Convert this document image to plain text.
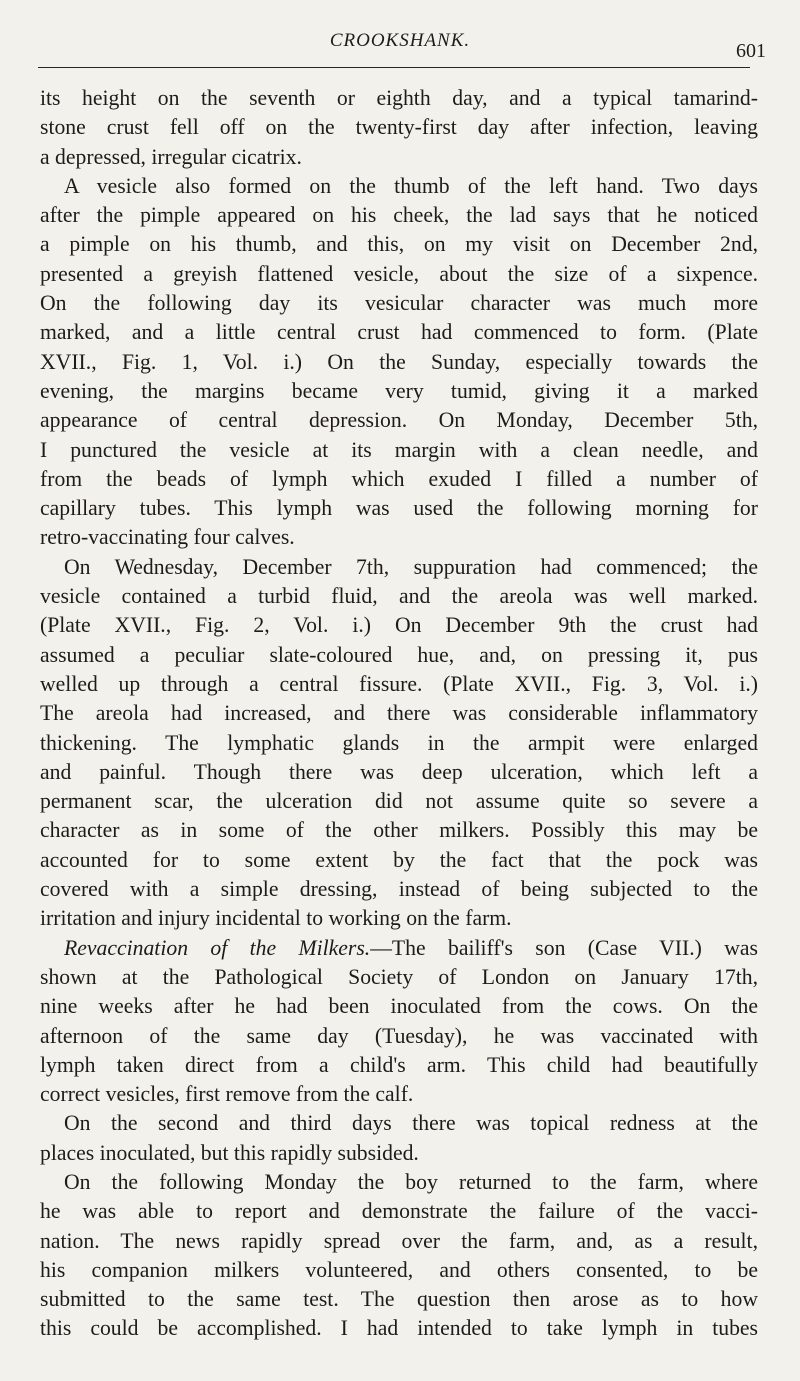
CROOKSHANK.	601
its height on the seventh or eighth day, and a typical tamarind-
stone crust fell off on the twenty-first day after infection, leaving
a depressed, irregular cicatrix.
A vesicle also formed on the thumb of the left hand. Two days
after the pimple appeared on his cheek, the lad says that he noticed
a pimple on his thumb, and this, on my visit on December 2nd,
presented a greyish flattened vesicle, about the size of a sixpence.
On the following day its vesicular character was much more
marked, and a little central crust had commenced to form. (Plate
XVII., Fig. 1, Vol. i.) On the Sunday, especially towards the
evening, the margins became very tumid, giving it a marked
appearance of central depression. On Monday, December 5th,
I punctured the vesicle at its margin with a clean needle, and
from the beads of lymph which exuded I filled a number of
capillary tubes. This lymph was used the following morning for
retro-vaccinating four calves.
On Wednesday, December 7th, suppuration had commenced; the
vesicle contained a turbid fluid, and the areola was well marked.
(Plate XVII., Fig. 2, Vol. i.) On December 9th the crust had
assumed a peculiar slate-coloured hue, and, on pressing it, pus
welled up through a central fissure. (Plate XVII., Fig. 3, Vol. i.)
The areola had increased, and there was considerable inflammatory
thickening. The lymphatic glands in the armpit were enlarged
and painful. Though there was deep ulceration, which left a
permanent scar, the ulceration did not assume quite so severe a
character as in some of the other milkers. Possibly this may be
accounted for to some extent by the fact that the pock was
covered with a simple dressing, instead of being subjected to the
irritation and injury incidental to working on the farm.
Revaccination of the Milkers.—The bailiff's son (Case VII.) was
shown at the Pathological Society of London on January 17th,
nine weeks after he had been inoculated from the cows. On the
afternoon of the same day (Tuesday), he was vaccinated with
lymph taken direct from a child's arm. This child had beautifully
correct vesicles, first remove from the calf.
On the second and third days there was topical redness at the
places inoculated, but this rapidly subsided.
On the following Monday the boy returned to the farm, where
he was able to report and demonstrate the failure of the vacci-
nation. The news rapidly spread over the farm, and, as a result,
his companion milkers volunteered, and others consented, to be
submitted to the same test. The question then arose as to how
this could be accomplished. I had intended to take lymph in tubes
